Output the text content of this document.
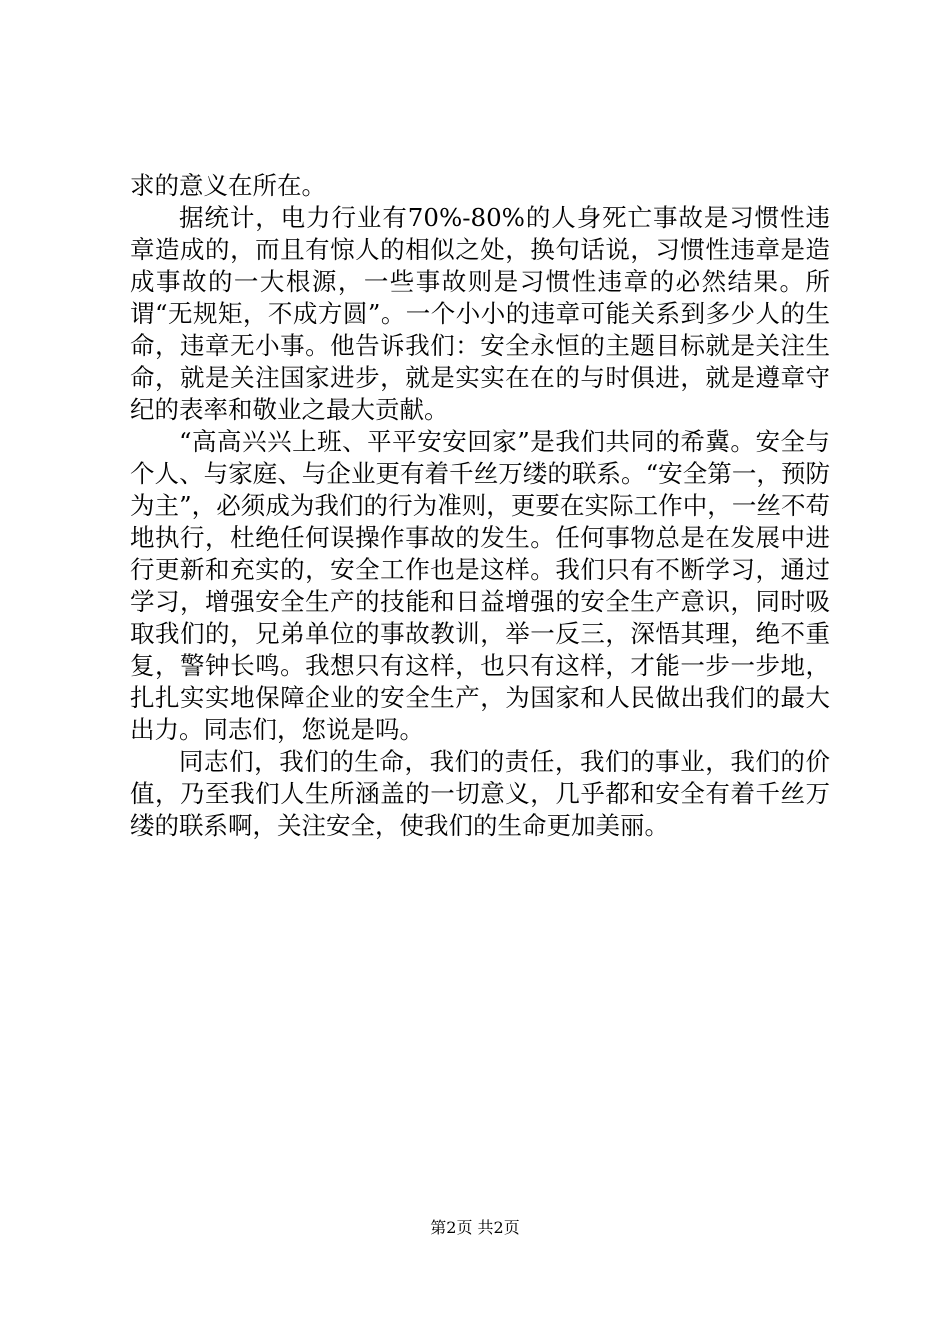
求的意义在所在。

据统计，电力行业有70%-80%的人身死亡事故是习惯性违章造成的，而且有惊人的相似之处，换句话说，习惯性违章是造成事故的一大根源，一些事故则是习惯性违章的必然结果。所谓“无规矩，不成方圆”。一个小小的违章可能关系到多少人的生命，违章无小事。他告诉我们：安全永恒的主题目标就是关注生命，就是关注国家进步，就是实实在在的与时俱进，就是遵章守纪的表率和敬业之最大贡献。

“高高兴兴上班、平平安安回家”是我们共同的希冀。安全与个人、与家庭、与企业更有着千丝万缕的联系。“安全第一，预防为主”，必须成为我们的行为准则，更要在实际工作中，一丝不苟地执行，杜绝任何误操作事故的发生。任何事物总是在发展中进行更新和充实的，安全工作也是这样。我们只有不断学习，通过学习，增强安全生产的技能和日益增强的安全生产意识，同时吸取我们的，兄弟单位的事故教训，举一反三，深悟其理，绝不重复，警钟长鸣。我想只有这样，也只有这样，才能一步一步地，扎扎实实地保障企业的安全生产，为国家和人民做出我们的最大出力。同志们，您说是吗。

同志们，我们的生命，我们的责任，我们的事业，我们的价值，乃至我们人生所涵盖的一切意义，几乎都和安全有着千丝万缕的联系啊，关注安全，使我们的生命更加美丽。

第2页 共2页
